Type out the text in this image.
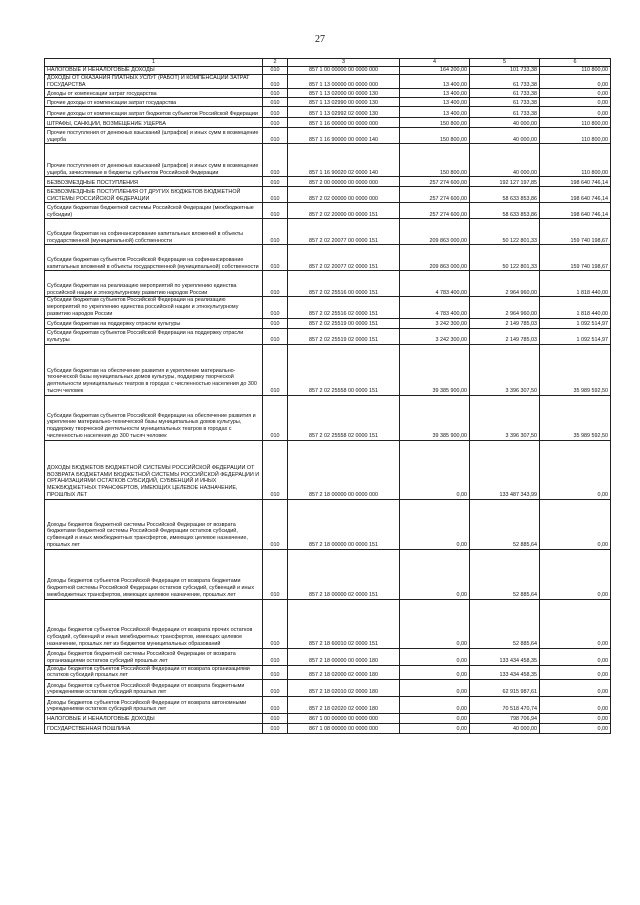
27
1	2	3	4	5	6
НАЛОГОВЫЕ И НЕНАЛОГОВЫЕ ДОХОДЫ	010	857 1 00 00000 00 0000 000	164 200,00	101 733,38	110 800,00
ДОХОДЫ ОТ ОКАЗАНИЯ ПЛАТНЫХ УСЛУГ (РАБОТ) И КОМПЕНСАЦИИ ЗАТРАТ ГОСУДАРСТВА	010	857 1 13 00000 00 0000 000	13 400,00	61 733,38	0,00
Доходы от компенсации затрат государства	010	857 1 13 02000 00 0000 130	13 400,00	61 733,38	0,00
Прочие доходы от компенсации затрат государства	010	857 1 13 02990 00 0000 130	13 400,00	61 733,38	0,00
Прочие доходы от компенсации затрат бюджетов субъектов Российской Федерации	010	857 1 13 02992 02 0000 130	13 400,00	61 733,38	0,00
ШТРАФЫ, САНКЦИИ, ВОЗМЕЩЕНИЕ УЩЕРБА	010	857 1 16 00000 00 0000 000	150 800,00	40 000,00	110 800,00
Прочие поступления от денежных взысканий (штрафов) и иных сумм в возмещение ущерба	010	857 1 16 90000 00 0000 140	150 800,00	40 000,00	110 800,00
Прочие поступления от денежных взысканий (штрафов) и иных сумм в возмещение ущерба, зачисляемые в бюджеты субъектов Российской Федерации	010	857 1 16 90020 02 0000 140	150 800,00	40 000,00	110 800,00
БЕЗВОЗМЕЗДНЫЕ ПОСТУПЛЕНИЯ	010	857 2 00 00000 00 0000 000	257 274 600,00	192 127 197,85	198 640 746,14
БЕЗВОЗМЕЗДНЫЕ ПОСТУПЛЕНИЯ ОТ ДРУГИХ БЮДЖЕТОВ БЮДЖЕТНОЙ СИСТЕМЫ РОССИЙСКОЙ ФЕДЕРАЦИИ	010	857 2 02 00000 00 0000 000	257 274 600,00	58 633 853,86	198 640 746,14
Субсидии бюджетам бюджетной системы Российской Федерации (межбюджетные субсидии)	010	857 2 02 20000 00 0000 151	257 274 600,00	58 633 853,86	198 640 746,14
Субсидии бюджетам на софинансирование капитальных вложений в объекты государственной (муниципальной) собственности	010	857 2 02 20077 00 0000 151	209 863 000,00	50 122 801,33	159 740 198,67
Субсидии бюджетам субъектов Российской Федерации на софинансирование капитальных вложений в объекты государственной (муниципальной) собственности	010	857 2 02 20077 02 0000 151	209 863 000,00	50 122 801,33	159 740 198,67
Субсидии бюджетам на реализацию мероприятий по укреплению единства российской нации и этнокультурному развитию народов России	010	857 2 02 25516 00 0000 151	4 783 400,00	2 964 960,00	1 818 440,00
Субсидии бюджетам субъектов Российской Федерации на реализацию мероприятий по укреплению единства российской нации и этнокультурному развитию народов России	010	857 2 02 25516 02 0000 151	4 783 400,00	2 964 960,00	1 818 440,00
Субсидии бюджетам на поддержку отрасли культуры	010	857 2 02 25519 00 0000 151	3 242 300,00	2 149 785,03	1 092 514,97
Субсидии бюджетам субъектов Российской Федерации на поддержку отрасли культуры	010	857 2 02 25519 02 0000 151	3 242 300,00	2 149 785,03	1 092 514,97
Субсидии бюджетам на обеспечение развития и укрепление материально-технической базы муниципальных домов культуры, поддержку творческой деятельности муниципальных театров в городах с численностью населения до 300 тысяч человек	010	857 2 02 25558 00 0000 151	39 385 900,00	3 396 307,50	35 989 592,50
Субсидии бюджетам субъектов Российской Федерации на обеспечение развития и укрепление материально-технической базы муниципальных домов культуры, поддержку творческой деятельности муниципальных театров в городах с численностью населения до 300 тысяч человек	010	857 2 02 25558 02 0000 151	39 385 900,00	3 396 307,50	35 989 592,50
ДОХОДЫ БЮДЖЕТОВ БЮДЖЕТНОЙ СИСТЕМЫ РОССИЙСКОЙ ФЕДЕРАЦИИ ОТ ВОЗВРАТА БЮДЖЕТАМИ БЮДЖЕТНОЙ СИСТЕМЫ РОССИЙСКОЙ ФЕДЕРАЦИИ И ОРГАНИЗАЦИЯМИ ОСТАТКОВ СУБСИДИЙ, СУБВЕНЦИЙ И ИНЫХ МЕЖБЮДЖЕТНЫХ ТРАНСФЕРТОВ, ИМЕЮЩИХ ЦЕЛЕВОЕ НАЗНАЧЕНИЕ, ПРОШЛЫХ ЛЕТ	010	857 2 18 00000 00 0000 000	0,00	133 487 343,99	0,00
Доходы бюджетов бюджетной системы Российской Федерации от возврата бюджетами бюджетной системы Российской Федерации остатков субсидий, субвенций и иных межбюджетных трансфертов, имеющих целевое назначение, прошлых лет	010	857 2 18 00000 00 0000 151	0,00	52 885,64	0,00
Доходы бюджетов субъектов Российской Федерации от возврата бюджетами бюджетной системы Российской Федерации остатков субсидий, субвенций и иных межбюджетных трансфертов, имеющих целевое назначение, прошлых лет	010	857 2 18 00000 02 0000 151	0,00	52 885,64	0,00
Доходы бюджетов субъектов Российской Федерации от возврата прочих остатков субсидий, субвенций и иных межбюджетных трансфертов, имеющих целевое назначение, прошлых лет из бюджетов муниципальных образований	010	857 2 18 60010 02 0000 151	0,00	52 885,64	0,00
Доходы бюджетов бюджетной системы Российской Федерации от возврата организациями остатков субсидий прошлых лет	010	857 2 18 00000 00 0000 180	0,00	133 434 458,35	0,00
Доходы бюджетов субъектов Российской Федерации от возврата организациями остатков субсидий прошлых лет	010	857 2 18 02000 02 0000 180	0,00	133 434 458,35	0,00
Доходы бюджетов субъектов Российской Федерации от возврата бюджетными учреждениями остатков субсидий прошлых лет	010	857 2 18 02010 02 0000 180	0,00	62 915 987,61	0,00
Доходы бюджетов субъектов Российской Федерации от возврата автономными учреждениями остатков субсидий прошлых лет	010	857 2 18 02020 02 0000 180	0,00	70 518 470,74	0,00
НАЛОГОВЫЕ И НЕНАЛОГОВЫЕ ДОХОДЫ	010	867 1 00 00000 00 0000 000	0,00	798 706,94	0,00
ГОСУДАРСТВЕННАЯ ПОШЛИНА	010	867 1 08 00000 00 0000 000	0,00	40 000,00	0,00
